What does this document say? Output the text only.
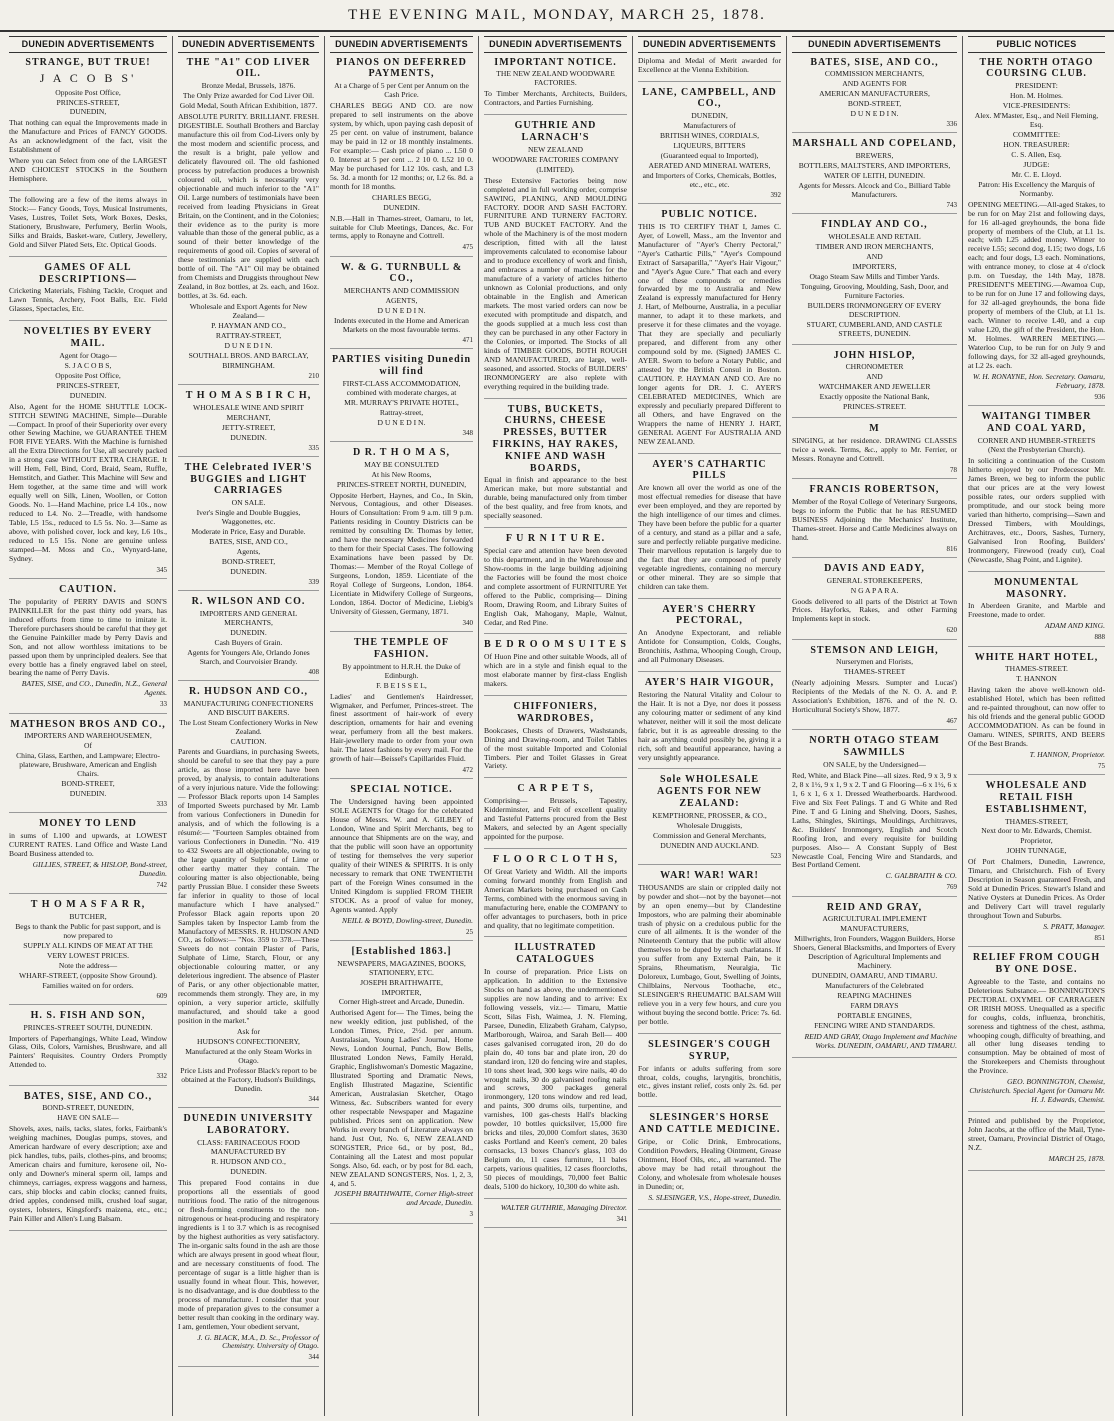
THE EVENING MAIL, MONDAY, MARCH 25, 1878.
DUNEDIN ADVERTISEMENTS
STRANGE, BUT TRUE!
J A C O B S'
Opposite Post Office,
PRINCES-STREET,
DUNEDIN,
That nothing can equal the Improvements made in the Manufacture and Prices of FANCY GOODS. As an acknowledgment of the fact, visit the Establishment of
Where you can Select from one of the LARGEST AND CHOICEST STOCKS in the Southern Hemisphere.
The following are a few of the items always in Stock:— Fancy Goods, Toys, Musical Instruments, Vases, Lustres, Toilet Sets, Work Boxes, Desks, Stationery, Brushware, Perfumery, Berlin Wools, Silks and Braids, Basket-ware, Cutlery, Jewellery, Gold and Silver Plated Sets, Etc. Optical Goods.
GAMES OF ALL DESCRIPTIONS—
Cricketing Materials, Fishing Tackle, Croquet and Lawn Tennis, Archery, Foot Balls, Etc. Field Glasses, Spectacles, Etc.
NOVELTIES BY EVERY MAIL.
Agent for Otago—
S. J A C O B S,
Opposite Post Office,
PRINCES-STREET,
DUNEDIN.
Also, Agent for the HOME SHUTTLE LOCK-STITCH SEWING MACHINE, Simple—Durable—Compact. In proof of their Superiority over every other Sewing Machine, we GUARANTEE THEM FOR FIVE YEARS. With the Machine is furnished all the Extra Directions for Use, all securely packed in a strong case WITHOUT EXTRA CHARGE. It will Hem, Fell, Bind, Cord, Braid, Seam, Ruffle, Hemstitch, and Gather. This Machine will Sew and Hem together, at the same time and will work equally well on Silk, Linen, Woollen, or Cotton Goods. No. 1—Hand Machine, price L4 10s., now reduced to L4. No. 2—Treadle, with handsome Table, L5 15s., reduced to L5 5s. No. 3—Same as above, with polished cover, lock and key, L6 10s., reduced to L5 15s. None are genuine unless stamped—M. Moss and Co., Wynyard-lane, Sydney.
345
CAUTION.
The popularity of PERRY DAVIS and SON'S PAINKILLER for the past thirty odd years, has induced efforts from time to time to imitate it. Therefore purchasers should be careful that they get the Genuine Painkiller made by Perry Davis and Son, and not allow worthless imitations to be passed upon them by unprincipled dealers. See that every bottle has a finely engraved label on steel, bearing the name of Perry Davis.
BATES, SISE, and CO., Dunedin, N.Z., General Agents.
33
MATHESON BROS AND CO.,
IMPORTERS AND WAREHOUSEMEN,
Of
China, Glass, Earthen, and Lampware; Electro-plateware, Brushware, American and English Chairs.
BOND-STREET,
DUNEDIN.
333
MONEY TO LEND
in sums of L100 and upwards, at LOWEST CURRENT RATES. Land Office and Waste Land Board Business attended to.
GILLIES, STREET, & HISLOP, Bond-street, Dunedin.
742
T H O M A S F A R R,
BUTCHER,
Begs to thank the Public for past support, and is now prepared to
SUPPLY ALL KINDS OF MEAT AT THE
VERY LOWEST PRICES.
Note the address—
WHARF-STREET, (opposite Show Ground).
Families waited on for orders.
609
H. S. FISH AND SON,
PRINCES-STREET SOUTH, DUNEDIN.
Importers of Paperhangings, White Lead, Window Glass, Oils, Colors, Varnishes, Brushware, and all Painters' Requisites. Country Orders Promptly Attended to.
332
BATES, SISE, AND CO.,
BOND-STREET, DUNEDIN,
HAVE ON SALE—
Shovels, axes, nails, tacks, slates, forks, Fairbank's weighing machines, Douglas pumps, stoves, and American hardware of every description; axe and pick handles, tubs, pails, clothes-pins, and brooms; American chairs and furniture, kerosene oil, No-only and Downer's mineral sperm oil, lamps and chimneys, carriages, express waggons and harness, cars, ship blocks and cabin clocks; canned fruits, dried apples, condensed milk, crushed loaf sugar, oysters, lobsters, Kingsford's maizena, etc., etc.; Pain Killer and Allen's Lung Balsam.
DUNEDIN ADVERTISEMENTS
THE "A1" COD LIVER OIL.
Bronze Medal, Brussels, 1876.
The Only Prize awarded for Cod Liver Oil.
Gold Medal, South African Exhibition, 1877.
ABSOLUTE PURITY. BRILLIANT. FRESH. DIGESTIBLE. Southall Brothers and Barclay manufacture this oil from Cod-Livers only by the most modern and scientific process, and the result is a bright, pale yellow and delicately flavoured oil. The old fashioned process by putrefaction produces a brownish coloured oil, which is necessarily very objectionable and much inferior to the "A1" Oil. Large numbers of testimonials have been received from leading Physicians in Great Britain, on the Continent, and in the Colonies; their evidence as to the purity is more valuable than those of the general public, as a sound of their better knowledge of the requirements of good oil. Copies of several of these testimonials are supplied with each bottle of oil. The "A1" Oil may be obtained from Chemists and Druggists throughout New Zealand, in 8oz bottles, at 2s. each, and 16oz. bottles, at 3s. 6d. each.
Wholesale and Export Agents for New Zealand—
P. HAYMAN AND CO.,
RATTRAY-STREET,
D U N E D I N.
SOUTHALL BROS. AND BARCLAY,
BIRMINGHAM.
210
T H O M A S B I R C H,
WHOLESALE WINE AND SPIRIT
MERCHANT,
JETTY-STREET,
DUNEDIN.
335
THE Celebrated IVER'S BUGGIES and LIGHT CARRIAGES
ON SALE.
Iver's Single and Double Buggies, Waggonettes, etc.
Moderate in Price, Easy and Durable.
BATES, SISE, AND CO.,
Agents,
BOND-STREET,
DUNEDIN.
339
R. WILSON AND CO.
IMPORTERS AND GENERAL MERCHANTS,
DUNEDIN.
Cash Buyers of Grain.
Agents for Youngers Ale, Orlando Jones Starch, and Courvoisier Brandy.
408
R. HUDSON AND CO.,
MANUFACTURING CONFECTIONERS AND BISCUIT BAKERS.
The Lost Steam Confectionery Works in New Zealand.
CAUTION.
Parents and Guardians, in purchasing Sweets, should be careful to see that they pay a pure article, as those imported here have been proved, by analysis, to contain adulterations of a very injurious nature. Vide the following:— Professor Black reports upon 14 Samples of Imported Sweets purchased by Mr. Lamb from various Confectioners in Dunedin for analysis, and of which the following is a résumé:— "Fourteen Samples obtained from various Confectioners in Dunedin. "No. 419 to 432 Sweets are all objectionable, owing to the large quantity of Sulphate of Lime or other earthy matter they contain. The colouring matter is also objectionable, being partly Prussian Blue. I consider these Sweets far inferior in quality to those of local manufacture which I have analysed." Professor Black again reports upon 20 Samples taken by Inspector Lamb from the Manufactory of MESSRS. R. HUDSON AND CO., as follows:— "Nos. 359 to 378.—These Sweets do not contain Plaster of Paris, Sulphate of Lime, Starch, Flour, or any objectionable colouring matter, or any deleterious ingredient. The absence of Plaster of Paris, or any other objectionable matter, recommends them strongly. They are, in my opinion, a very superior article, skilfully manufactured, and should take a good position in the market."
Ask for
HUDSON'S CONFECTIONERY,
Manufactured at the only Steam Works in Otago.
Price Lists and Professor Black's report to be obtained at the Factory, Hudson's Buildings, Dunedin.
344
DUNEDIN UNIVERSITY LABORATORY.
CLASS: FARINACEOUS FOOD
MANUFACTURED BY
R. HUDSON AND CO.,
DUNEDIN.
This prepared Food contains in due proportions all the essentials of good nutritious food. The ratio of the nitrogenous or flesh-forming constituents to the non-nitrogenous or heat-producing and respiratory ingredients is 1 to 3.7 which is as recognised by the highest authorities as very satisfactory. The in-organic salts found in the ash are those which are always present in good wheat flour, and are necessary constituents of food. The percentage of sugar is a little higher than is usually found in wheat flour. This, however, is no disadvantage, and is due doubtless to the process of manufacture. I consider that your mode of preparation gives to the consumer a better result than cooking in the ordinary way. I am, gentlemen, Your obedient servant,
J. G. BLACK, M.A., D. Sc., Professor of Chemistry. University of Otago.
344
DUNEDIN ADVERTISEMENTS
PIANOS ON DEFERRED PAYMENTS,
At a Charge of 5 per Cent per Annum on the Cash Price.
CHARLES BEGG AND CO. are now prepared to sell instruments on the above system, by which, upon paying cash deposit of 25 per cent. on value of instrument, balance may be paid in 12 or 18 monthly instalments. For example:— Cash price of piano ... L50 0 0. Interest at 5 per cent ... 2 10 0. L52 10 0. May be purchased for L12 10s. cash, and L3 5s. 3d. a month for 12 months; or, L2 6s. 8d. a month for 18 months.
CHARLES BEGG,
DUNEDIN.
N.B.—Hall in Thames-street, Oamaru, to let, suitable for Club Meetings, Dances, &c. For terms, apply to Ronayne and Cottrell.
475
W. & G. TURNBULL & CO.,
MERCHANTS AND COMMISSION
AGENTS,
D U N E D I N.
Indents executed in the Home and American Markets on the most favourable terms.
471
PARTIES visiting Dunedin will find
FIRST-CLASS ACCOMMODATION, combined with moderate charges, at
MR. MURRAY'S PRIVATE HOTEL,
Rattray-street,
D U N E D I N.
348
D R. T H O M A S,
MAY BE CONSULTED
At his New Rooms,
PRINCES-STREET NORTH, DUNEDIN,
Opposite Herbert, Haynes, and Co., In Skin, Nervous, Contagious, and other Diseases. Hours of Consultation: From 9 a.m. till 9 p.m. Patients residing in Country Districts can be remitted by consulting Dr. Thomas by letter, and have the necessary Medicines forwarded to them for their Special Cases. The following Examinations have been passed by Dr. Thomas:— Member of the Royal College of Surgeons, London, 1859. Licentiate of the Royal College of Surgeons, London, 1864. Licentiate in Midwifery College of Surgeons, London, 1864. Doctor of Medicine, Liebig's University of Giessen, Germany, 1871.
340
THE TEMPLE OF FASHION.
By appointment to H.R.H. the Duke of Edinburgh.
F. B E I S S E L,
Ladies' and Gentlemen's Hairdresser, Wigmaker, and Perfumer, Princes-street. The finest assortment of hair-work of every description, ornaments for hair and evening wear, perfumery from all the best makers. Hair-jewellery made to order from your own hair. The latest fashions by every mail. For the growth of hair—Beissel's Capillarides Fluid.
472
SPECIAL NOTICE.
The Undersigned having been appointed SOLE AGENTS for Otago for the celebrated House of Messrs. W. and A. GILBEY of London, Wine and Spirit Merchants, beg to announce that Shipments are on the way, and that the public will soon have an opportunity of testing for themselves the very superior quality of their WINES & SPIRITS. It is only necessary to remark that ONE TWENTIETH part of the Foreign Wines consumed in the United Kingdom is supplied FROM THEIR STOCK. As a proof of value for money, Agents wanted. Apply
NEILL & BOYD, Dowling-street, Dunedin.
25
[Established 1863.]
NEWSPAPERS, MAGAZINES, BOOKS, STATIONERY, ETC.
JOSEPH BRAITHWAITE,
IMPORTER,
Corner High-street and Arcade, Dunedin.
Authorised Agent for— The Times, being the new weekly edition, just published, of the London Times, Price, 2½d. per annum. Australasian, Young Ladies' Journal, Home News, London Journal, Punch, Bow Bells, Illustrated London News, Family Herald, Graphic, Englishwoman's Domestic Magazine, Illustrated Sporting and Dramatic News, English Illustrated Magazine, Scientific American, Australasian Sketcher, Otago Witness, &c. Subscribers wanted for every other respectable Newspaper and Magazine published. Prices sent on application. New Works in every branch of Literature always on hand. Just Out, No. 6, NEW ZEALAND SONGSTER, Price 6d., or by post, 8d., Containing all the Latest and most popular Songs. Also, 6d. each, or by post for 8d. each, NEW ZEALAND SONGSTERS, Nos. 1, 2, 3, 4, and 5.
JOSEPH BRAITHWAITE, Corner High-street and Arcade, Dunedin.
3
DUNEDIN ADVERTISEMENTS
IMPORTANT NOTICE.
THE NEW ZEALAND WOODWARE FACTORIES.
To Timber Merchants, Architects, Builders, Contractors, and Parties Furnishing.
GUTHRIE AND LARNACH'S
NEW ZEALAND
WOODWARE FACTORIES COMPANY
(LIMITED).
These Extensive Factories being now completed and in full working order, comprise SAWING, PLANING, AND MOULDING FACTORY. DOOR AND SASH FACTORY. FURNITURE AND TURNERY FACTORY. TUB AND BUCKET FACTORY. And the whole of the Machinery is of the most modern description, fitted with all the latest improvements calculated to economise labour and to produce excellency of work and finish, and embraces a number of machines for the manufacture of a variety of articles hitherto unknown as Colonial productions, and only obtainable in the English and American markets. The most varied orders can now be executed with promptitude and dispatch, and the goods supplied at a much less cost than they can be purchased in any other Factory in the Colonies, or imported. The Stocks of all kinds of TIMBER GOODS, BOTH ROUGH AND MANUFACTURED, are large, well-seasoned, and assorted. Stocks of BUILDERS' IRONMONGERY are also replete with everything required in the building trade.
TUBS, BUCKETS, CHURNS, CHEESE PRESSES, BUTTER FIRKINS, HAY RAKES, KNIFE AND WASH BOARDS,
Equal in finish and appearance to the best American make, but more substantial and durable, being manufactured only from timber of the best quality, and free from knots, and specially seasoned.
F U R N I T U R E.
Special care and attention have been devoted to this department, and in the Warehouse and Show-rooms in the large building adjoining the Factories will be found the most choice and complete assortment of FURNITURE Yet offered to the Public, comprising— Dining Room, Drawing Room, and Library Suites of English Oak, Mahogany, Maple, Walnut, Cedar, and Red Pine.
B E D R O O M S U I T E S
Of Huon Pine and other suitable Woods, all of which are in a style and finish equal to the most elaborate manner by first-class English makers.
CHIFFONIERS, WARDROBES,
Bookcases, Chests of Drawers, Washstands, Dining and Drawing-room, and Toilet Tables of the most suitable Imported and Colonial Timbers. Pier and Toilet Glasses in Great Variety.
C A R P E T S,
Comprising— Brussels, Tapestry, Kidderminster, and Felt of excellent quality and Tasteful Patterns procured from the Best Makers, and selected by an Agent specially appointed for the purpose.
F L O O R C L O T H S,
Of Great Variety and Width. All the imports coming forward monthly from English and American Markets being purchased on Cash Terms, combined with the enormous saving in manufacturing here, enable the COMPANY to offer advantages to purchasers, both in price and quality, that no legitimate competition.
ILLUSTRATED CATALOGUES
In course of preparation. Price Lists on application. In addition to the Extensive Stocks on hand as above, the undermentioned supplies are now landing and to arrive: Ex following vessels, viz.:— Timaru, Mattie Scott, Silas Fish, Waimea, J. N. Fleming, Parsee, Dunedin, Elizabeth Graham, Calypso, Marlborough, Wairoa, and Sarah Bell— 400 cases galvanised corrugated iron, 20 do do plain do, 40 tons bar and plate iron, 20 do standard iron, 120 do fencing wire and staples, 10 tons sheet lead, 300 kegs wire nails, 40 do wrought nails, 30 do galvanised roofing nails and screws, 300 packages general ironmongery, 120 tons window and red lead, and paints, 300 drums oils, turpentine, and varnishes, 100 gas-chests Hall's blacking powder, 10 bottles quicksilver, 15,000 fire bricks and tiles, 20,000 Comfort slates, 3630 casks Portland and Keen's cement, 20 bales cornsacks, 13 boxes Chance's glass, 103 do Belgium do, 11 cases furniture, 11 bales carpets, various qualities, 12 cases floorcloths, 50 pieces of mouldings, 70,000 feet Baltic deals, 5100 do hickory, 10,300 do white ash.
WALTER GUTHRIE, Managing Director.
341
DUNEDIN ADVERTISEMENTS
Diploma and Medal of Merit awarded for Excellence at the Vienna Exhibition.
LANE, CAMPBELL, AND CO.,
DUNEDIN,
Manufacturers of
BRITISH WINES, CORDIALS,
LIQUEURS, BITTERS
(Guaranteed equal to Imported),
AERATED AND MINERAL WATERS,
and Importers of Corks, Chemicals, Bottles, etc., etc., etc.
392
PUBLIC NOTICE.
THIS IS TO CERTIFY THAT I, James C. Ayer, of Lowell, Mass., am the Inventor and Manufacturer of "Ayer's Cherry Pectoral," "Ayer's Cathartic Pills," "Ayer's Compound Extract of Sarsaparilla," "Ayer's Hair Vigour," and "Ayer's Ague Cure." That each and every one of these compounds or remedies forwarded by me to Australia and New Zealand is expressly manufactured for Henry J. Hart, of Melbourne, Australia, in a peculiar manner, to adapt it to these markets, and preserve it for these climates and the voyage. That they are specially and peculiarly prepared, and different from any other compound sold by me. (Signed) JAMES C. AYER. Sworn to before a Notary Public, and attested by the British Consul in Boston. CAUTION. P. HAYMAN AND CO. Are no longer agents for DR. J. C. AYER'S CELEBRATED MEDICINES, Which are expressly and peculiarly prepared Different to all Others, and have Engraved on the Wrappers the name of HENRY J. HART, GENERAL AGENT For AUSTRALIA AND NEW ZEALAND.
AYER'S CATHARTIC PILLS
Are known all over the world as one of the most effectual remedies for disease that have ever been employed, and they are reported by the high intelligence of our times and climes. They have been before the public for a quarter of a century, and stand as a pillar and a safe, sure and perfectly reliable purgative medicine. Their marvellous reputation is largely due to the fact that they are composed of purely vegetable ingredients, containing no mercury or other mineral. They are so simple that children can take them.
AYER'S CHERRY PECTORAL,
An Anodyne Expectorant, and reliable Antidote for Consumption, Colds, Coughs, Bronchitis, Asthma, Whooping Cough, Croup, and all Pulmonary Diseases.
AYER'S HAIR VIGOUR,
Restoring the Natural Vitality and Colour to the Hair. It is not a Dye, nor does it possess any colouring matter or sediment of any kind whatever, neither will it soil the most delicate fabric, but it is as agreeable dressing to the hair as anything could possibly be, giving it a rich, soft and beautiful appearance, having a very unsightly appearance.
Sole WHOLESALE AGENTS FOR NEW ZEALAND:
KEMPTHORNE, PROSSER, & CO.,
Wholesale Druggists,
Commission and General Merchants,
DUNEDIN AND AUCKLAND.
523
WAR! WAR! WAR!
THOUSANDS are slain or crippled daily not by powder and shot—not by the bayonet—not by an open enemy—but by Clandestine Impostors, who are palming their abominable trash of physic on a credulous public for the cure of all ailments. It is the wonder of the Nineteenth Century that the public will allow themselves to be duped by such charlatans. If you suffer from any External Pain, be it Sprains, Rheumatism, Neuralgia, Tic Doloreux, Lumbago, Gout, Swelling of Joints, Chilblains, Nervous Toothache, etc., SLESINGER'S RHEUMATIC BALSAM Will relieve you in a very few hours, and cure you without buying the second bottle. Price: 7s. 6d. per bottle.
SLESINGER'S COUGH SYRUP,
For infants or adults suffering from sore throat, colds, coughs, laryngitis, bronchitis, etc., gives instant relief, costs only 2s. 6d. per bottle.
SLESINGER'S HORSE AND CATTLE MEDICINE.
Gripe, or Colic Drink, Embrocations, Condition Powders, Healing Ointment, Grease Ointment, Hoof Oils, etc., all warranted. The above may be had retail throughout the Colony, and wholesale from wholesale houses in Dunedin; or,
S. SLESINGER, V.S., Hope-street, Dunedin.
DUNEDIN ADVERTISEMENTS
BATES, SISE, AND CO.,
COMMISSION MERCHANTS,
AND AGENTS FOR
AMERICAN MANUFACTURERS,
BOND-STREET,
D U N E D I N.
336
MARSHALL AND COPELAND,
BREWERS,
BOTTLERS, MALTSTERS, AND IMPORTERS,
WATER OF LEITH, DUNEDIN.
Agents for Messrs. Alcock and Co., Billiard Table Manufacturers.
743
FINDLAY AND CO.,
WHOLESALE AND RETAIL
TIMBER AND IRON MERCHANTS,
AND
IMPORTERS,
Otago Steam Saw Mills and Timber Yards.
Tonguing, Grooving, Moulding, Sash, Door, and Furniture Factories.
BUILDERS IRONMONGERY OF EVERY DESCRIPTION.
STUART, CUMBERLAND, AND CASTLE STREETS, DUNEDIN.
JOHN HISLOP,
CHRONOMETER
AND
WATCHMAKER AND JEWELLER
Exactly opposite the National Bank,
PRINCES-STREET.
M
SINGING, at her residence. DRAWING CLASSES twice a week. Terms, &c., apply to Mr. Ferrier, or Messrs. Ronayne and Cottrell.
78
FRANCIS ROBERTSON,
Member of the Royal College of Veterinary Surgeons, begs to inform the Public that he has RESUMED BUSINESS Adjoining the Mechanics' Institute, Thames-street. Horse and Cattle Medicines always on hand.
816
DAVIS AND EADY,
GENERAL STOREKEEPERS,
N G A P A R A.
Goods delivered to all parts of the District at Town Prices. Hayforks, Rakes, and other Farming Implements kept in stock.
620
STEMSON AND LEIGH,
Nurserymen and Florists,
THAMES-STREET
(Nearly adjoining Messrs. Sumpter and Lucas') Recipients of the Medals of the N. O. A. and P. Association's Exhibition, 1876. and of the N. O. Horticultural Society's Show, 1877.
467
NORTH OTAGO STEAM SAWMILLS
ON SALE, by the Undersigned—
Red, White, and Black Pine—all sizes. Red, 9 x 3, 9 x 2, 8 x 1½, 9 x 1, 9 x 2. T and G Flooring—6 x 1½, 6 x 1, 6 x 1, 6 x 1. Dressed Weatherboards. Hardwood. Five and Six Feet Palings. T and G White and Red Pine. T and G Lining and Shelving. Doors, Sashes, Laths, Shingles, Skirtings, Mouldings, Architraves, &c. Builders' Ironmongery, English and Scotch Roofing Iron, and every requisite for building purposes. Also— A Constant Supply of Best Newcastle Coal, Fencing Wire and Standards, and Best Portland Cement.
C. GALBRAITH & CO.
769
REID AND GRAY,
AGRICULTURAL IMPLEMENT
MANUFACTURERS,
Millwrights, Iron Founders, Waggon Builders, Horse Shoers, General Blacksmiths, and Importers of Every Description of Agricultural Implements and Machinery.
DUNEDIN, OAMARU, AND TIMARU.
Manufacturers of the Celebrated
REAPING MACHINES
FARM DRAYS
PORTABLE ENGINES,
FENCING WIRE AND STANDARDS.
REID AND GRAY, Otago Implement and Machine Works. DUNEDIN, OAMARU, AND TIMARU.
PUBLIC NOTICES
THE NORTH OTAGO COURSING CLUB.
PRESIDENT:
Hon. M. Holmes.
VICE-PRESIDENTS:
Alex. M'Master, Esq., and Neil Fleming, Esq.
COMMITTEE:
HON. TREASURER:
C. S. Allen, Esq.
JUDGE:
Mr. C. E. Lloyd.
Patron: His Excellency the Marquis of Normanby.
OPENING MEETING.—All-aged Stakes, to be run for on May 21st and following days, for 16 all-aged greyhounds, the bona fide property of members of the Club, at L1 1s. each; with L25 added money. Winner to receive L55; second dog, L15; two dogs, L6 each; and four dogs, L3 each. Nominations, with entrance money, to close at 4 o'clock p.m. on Tuesday, the 14th May, 1878. PRESIDENT'S MEETING.—Awamoa Cup, to be run for on June 17 and following days, for 32 all-aged greyhounds, the bona fide property of members of the Club, at L1 1s. each. Winner to receive L40, and a cup value L20, the gift of the President, the Hon. M. Holmes. WARREN MEETING.—Waterloo Cup, to be run for on July 9 and following days, for 32 all-aged greyhounds, at L2 2s. each.
W. H. RONAYNE, Hon. Secretary. Oamaru, February, 1878.
936
WAITANGI TIMBER AND COAL YARD,
CORNER AND HUMBER-STREETS
(Next the Presbyterian Church).
In soliciting a continuation of the Custom hitherto enjoyed by our Predecessor Mr. James Breen, we beg to inform the public that our prices are at the very lowest possible rates, our orders supplied with promptitude, and our stock being more varied than hitherto, comprising—Sawn and Dressed Timbers, with Mouldings, Architraves, etc., Doors, Sashes, Turnery, Galvanised Iron Roofing, Builders' Ironmongery, Firewood (ready cut), Coal (Newcastle, Shag Point, and Lignite).
MONUMENTAL MASONRY.
In Aberdeen Granite, and Marble and Freestone, made to order.
ADAM AND KING.
888
WHITE HART HOTEL,
THAMES-STREET.
T. HANNON
Having taken the above well-known old-established Hotel, which has been refitted and re-painted throughout, can now offer to his old friends and the general public GOOD ACCOMMODATION. As can be found in Oamaru. WINES, SPIRITS, AND BEERS Of the Best Brands.
T. HANNON, Proprietor.
75
WHOLESALE AND RETAIL FISH ESTABLISHMENT,
THAMES-STREET,
Next door to Mr. Edwards, Chemist.
Proprietor,
JOHN TUNNAGE,
Of Port Chalmers, Dunedin, Lawrence, Timaru, and Christchurch. Fish of Every Description in Season guaranteed Fresh, and Sold at Dunedin Prices. Stewart's Island and Native Oysters at Dunedin Prices. As Order and Delivery Cart will travel regularly throughout Town and Suburbs.
S. PRATT, Manager.
851
RELIEF FROM COUGH BY ONE DOSE.
Agreeable to the Taste, and contains no Deleterious Substance.— BONNINGTON'S PECTORAL OXYMEL OF CARRAGEEN OR IRISH MOSS. Unequalled as a specific for coughs, colds, influenza, bronchitis, soreness and tightness of the chest, asthma, whooping cough, difficulty of breathing, and all other lung diseases tending to consumption. May be obtained of most of the Storekeepers and Chemists throughout the Province.
GEO. BONNINGTON, Chemist, Christchurch. Special Agent for Oamaru Mr. H. J. Edwards, Chemist.
Printed and published by the Proprietor, John Jacobs, at the office of the Mail, Tyne-street, Oamaru, Provincial District of Otago, N.Z.
MARCH 25, 1878.
